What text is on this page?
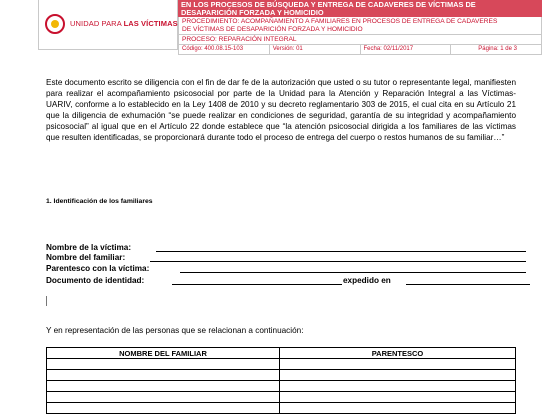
UNIDAD PARA LAS VÍCTIMAS
EN LOS PROCESOS DE BÚSQUEDA Y ENTREGA DE CADAVERES DE VÍCTIMAS DE
DESAPARICIÓN FORZADA Y HOMICIDIO
PROCEDIMIENTO: ACOMPAÑAMIENTO A FAMILIARES EN PROCESOS DE ENTREGA DE CADAVERES
DE VÍCTIMAS DE DESAPARICIÓN FORZADA Y HOMICIDIO
PROCESO: REPARACIÓN INTEGRAL
Código: 400.08.15-103	Versión: 01	Fecha: 02/11/2017	Página: 1 de 3
Este documento escrito se diligencia con el fin de dar fe de la autorización que usted o su tutor o representante legal, manifiesten para realizar el acompañamiento psicosocial por parte de la Unidad para la Atención y Reparación Integral a las Víctimas- UARIV, conforme a lo establecido en la Ley 1408 de 2010 y su decreto reglamentario 303 de 2015, el cual cita en su Artículo 21 que la diligencia de exhumación “se puede realizar en condiciones de seguridad, garantía de su integridad y acompañamiento psicosocial” al igual que en el Artículo 22 donde establece que “la atención psicosocial dirigida a los familiares de las víctimas que resulten identificadas, se proporcionará durante todo el proceso de entrega del cuerpo o restos humanos de su familiar…”
1. Identificación de los familiares
Nombre de la víctima:
Nombre del familiar:
Parentesco con la víctima:
Documento de identidad:	expedido en
Y en representación de las personas que se relacionan a continuación:
NOMBRE DEL FAMILIAR	PARENTESCO
